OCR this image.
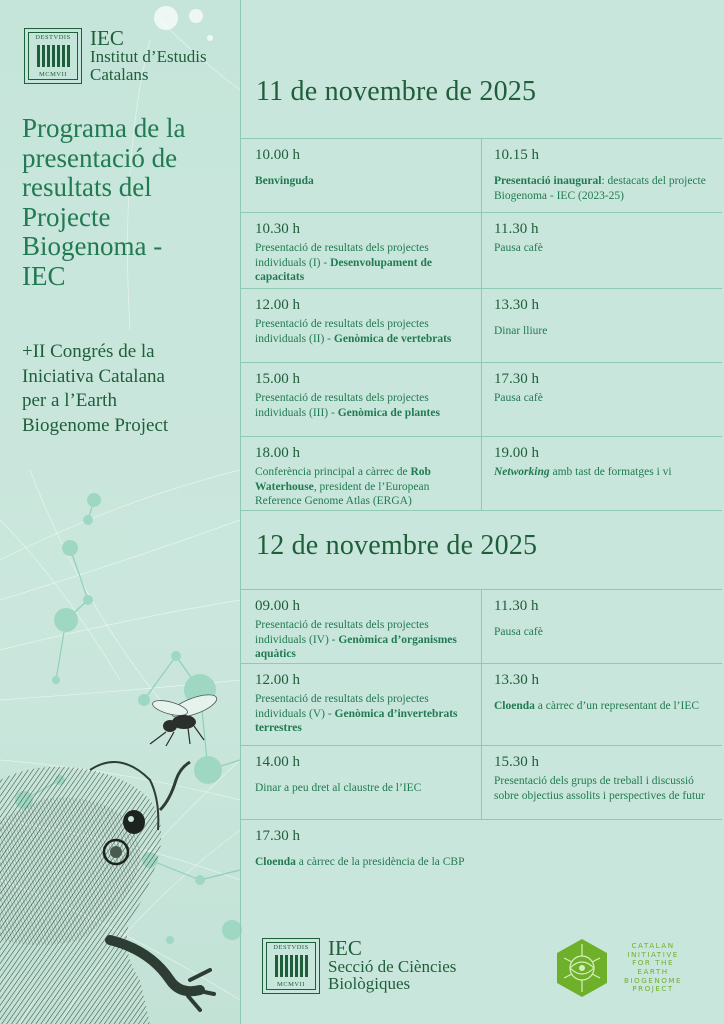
DESTVDIS
MCMVII
IEC
Institut d’Estudis
Catalans
Programa de la
presentació de
resultats del
Projecte
Biogenoma -
IEC
+II Congrés de la
Iniciativa Catalana
per a l’Earth
Biogenome Project
11 de novembre de 2025
10.00 h
Benvinguda
10.15 h
Presentació inaugural: destacats del projecte Biogenoma - IEC (2023-25)
10.30 h
Presentació de resultats dels projectes individuals (I) - Desenvolupament de capacitats
11.30 h
Pausa cafè
12.00 h
Presentació de resultats dels projectes individuals (II) - Genòmica de vertebrats
13.30 h
Dinar lliure
15.00 h
Presentació de resultats dels projectes individuals (III) - Genòmica de plantes
17.30 h
Pausa cafè
18.00 h
Conferència principal a càrrec de Rob Waterhouse, president de l’European Reference Genome Atlas (ERGA)
19.00 h
Networking amb tast de formatges i vi
12 de novembre de 2025
09.00 h
Presentació de resultats dels projectes individuals (IV) - Genòmica d’organismes aquàtics
11.30 h
Pausa cafè
12.00 h
Presentació de resultats dels projectes individuals (V) - Genòmica d’invertebrats terrestres
13.30 h
Cloenda a càrrec d’un representant de l’IEC
14.00 h
Dinar a peu dret al claustre de l’IEC
15.30 h
Presentació dels grups de treball i discussió sobre objectius assolits i perspectives de futur
17.30 h
Cloenda a càrrec de la presidència de la CBP
DESTVDIS
MCMVII
IEC
Secció de Ciències
Biològiques
CATALAN
INITIATIVE
FOR THE
EARTH
BIOGENOME
PROJECT
